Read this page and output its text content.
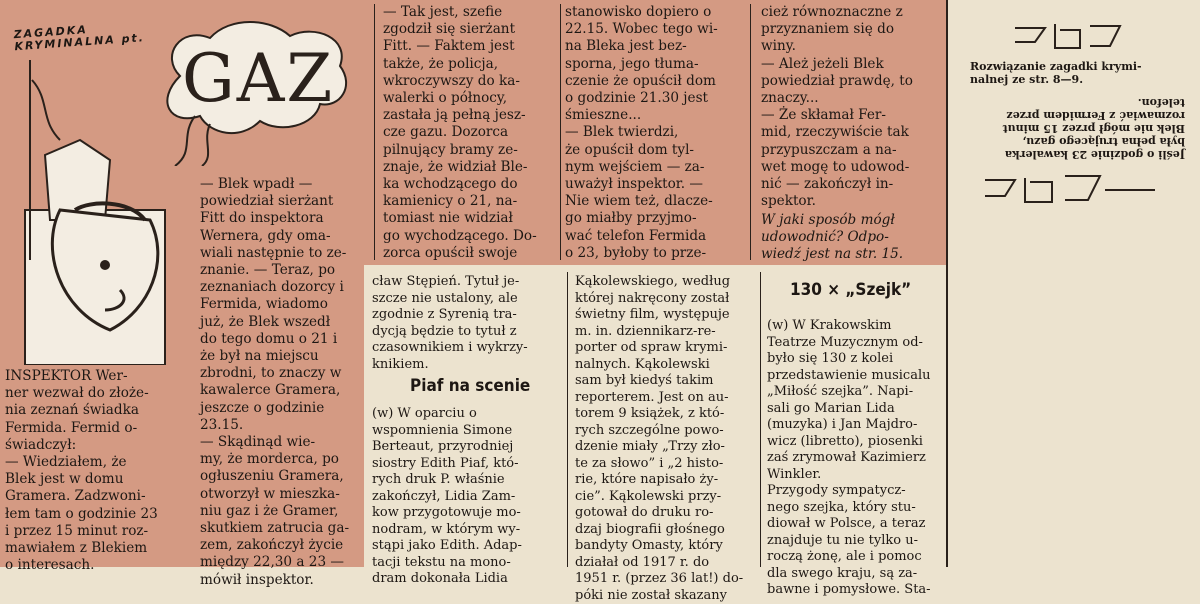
ZAGADKA KRYMINALNA pt. GAZ
INSPEKTOR Wer-
ner wezwał do złoże-
nia zeznań świadka
Fermida. Fermid o-
świadczył:
— Wiedziałem, że
Blek jest w domu
Gramera. Zadzwoni-
łem tam o godzinie 23
i przez 15 minut roz-
mawiałem z Blekiem
o interesach.
— Blek wpadł —
powiedział sierżant
Fitt do inspektora
Wernera, gdy oma-
wiali następnie to ze-
znanie. — Teraz, po
zeznaniach dozorcy i
Fermida, wiadomo
już, że Blek wszedł
do tego domu o 21 i
że był na miejscu
zbrodni, to znaczy w
kawalerce Gramera,
jeszcze o godzinie
23.15.
— Skądinąd wie-
my, że morderca, po
ogłuszeniu Gramera,
otworzył w mieszka-
niu gaz i że Gramer,
skutkiem zatrucia ga-
zem, zakończył życie
między 22,30 a 23 —
mówił inspektor.
— Tak jest, szefie
zgodził się sierżant
Fitt. — Faktem jest
także, że policja,
wkroczywszy do ka-
walerki o północy,
zastała ją pełną jesz-
cze gazu. Dozorca
pilnujący bramy ze-
znaje, że widział Ble-
ka wchodzącego do
kamienicy o 21, na-
tomiast nie widział
go wychodzącego. Do-
zorca opuścił swoje
stanowisko dopiero o
22.15. Wobec tego wi-
na Bleka jest bez-
sporna, jego tłuma-
czenie że opuścił dom
o godzinie 21.30 jest
śmieszne...
— Blek twierdzi,
że opuścił dom tyl-
nym wejściem — za-
uważył inspektor. —
Nie wiem też, dlacze-
go miałby przyjmo-
wać telefon Fermida
o 23, byłoby to prze-
cież równoznaczne z
przyznaniem się do
winy.
— Ależ jeżeli Blek
powiedział prawdę, to
znaczy...
— Że skłamał Fer-
mid, rzeczywiście tak
przypuszczam a na-
wet mogę to udowod-
nić — zakończył in-
spektor.
W jaki sposób mógł
udowodnić? Odpo-
wiedź jest na str. 15.
Rozwiązanie zagadki krymi-
nalnej ze str. 8—9.
Jeśli o godzinie 23 kawalerka
była pełna trującego gazu,
Blek nie mógł przez 15 minut
rozmawiać z Fermidem przez
telefon.
cław Stępień. Tytuł je-
szcze nie ustalony, ale
zgodnie z Syrenią tra-
dycją będzie to tytuł z
czasownikiem i wykrzy-
knikiem.
Piaf na scenie
(w) W oparciu o
wspomnienia Simone
Berteaut, przyrodniej
siostry Edith Piaf, któ-
rych druk P. właśnie
zakończył, Lidia Zam-
kow przygotowuje mo-
nodram, w którym wy-
stąpi jako Edith. Adap-
tacji tekstu na mono-
dram dokonała Lidia
Kąkolewskiego, według
której nakręcony został
świetny film, występuje
m. in. dziennikarz-re-
porter od spraw krymi-
nalnych. Kąkolewski
sam był kiedyś takim
reporterem. Jest on au-
torem 9 książek, z któ-
rych szczególne powo-
dzenie miały „Trzy zło-
te za słowo” i „2 histo-
rie, które napisało ży-
cie”. Kąkolewski przy-
gotował do druku ro-
dzaj biografii głośnego
bandyty Omasty, który
działał od 1917 r. do
1951 r. (przez 36 lat!) do-
póki nie został skazany
130 × „Szejk”
(w) W Krakowskim
Teatrze Muzycznym od-
było się 130 z kolei
przedstawienie musicalu
„Miłość szejka”. Napi-
sali go Marian Lida
(muzyka) i Jan Majdro-
wicz (libretto), piosenki
zaś zrymował Kazimierz
Winkler.
Przygody sympatycz-
nego szejka, który stu-
diował w Polsce, a teraz
znajduje tu nie tylko u-
roczą żonę, ale i pomoc
dla swego kraju, są za-
bawne i pomysłowe. Sta-
